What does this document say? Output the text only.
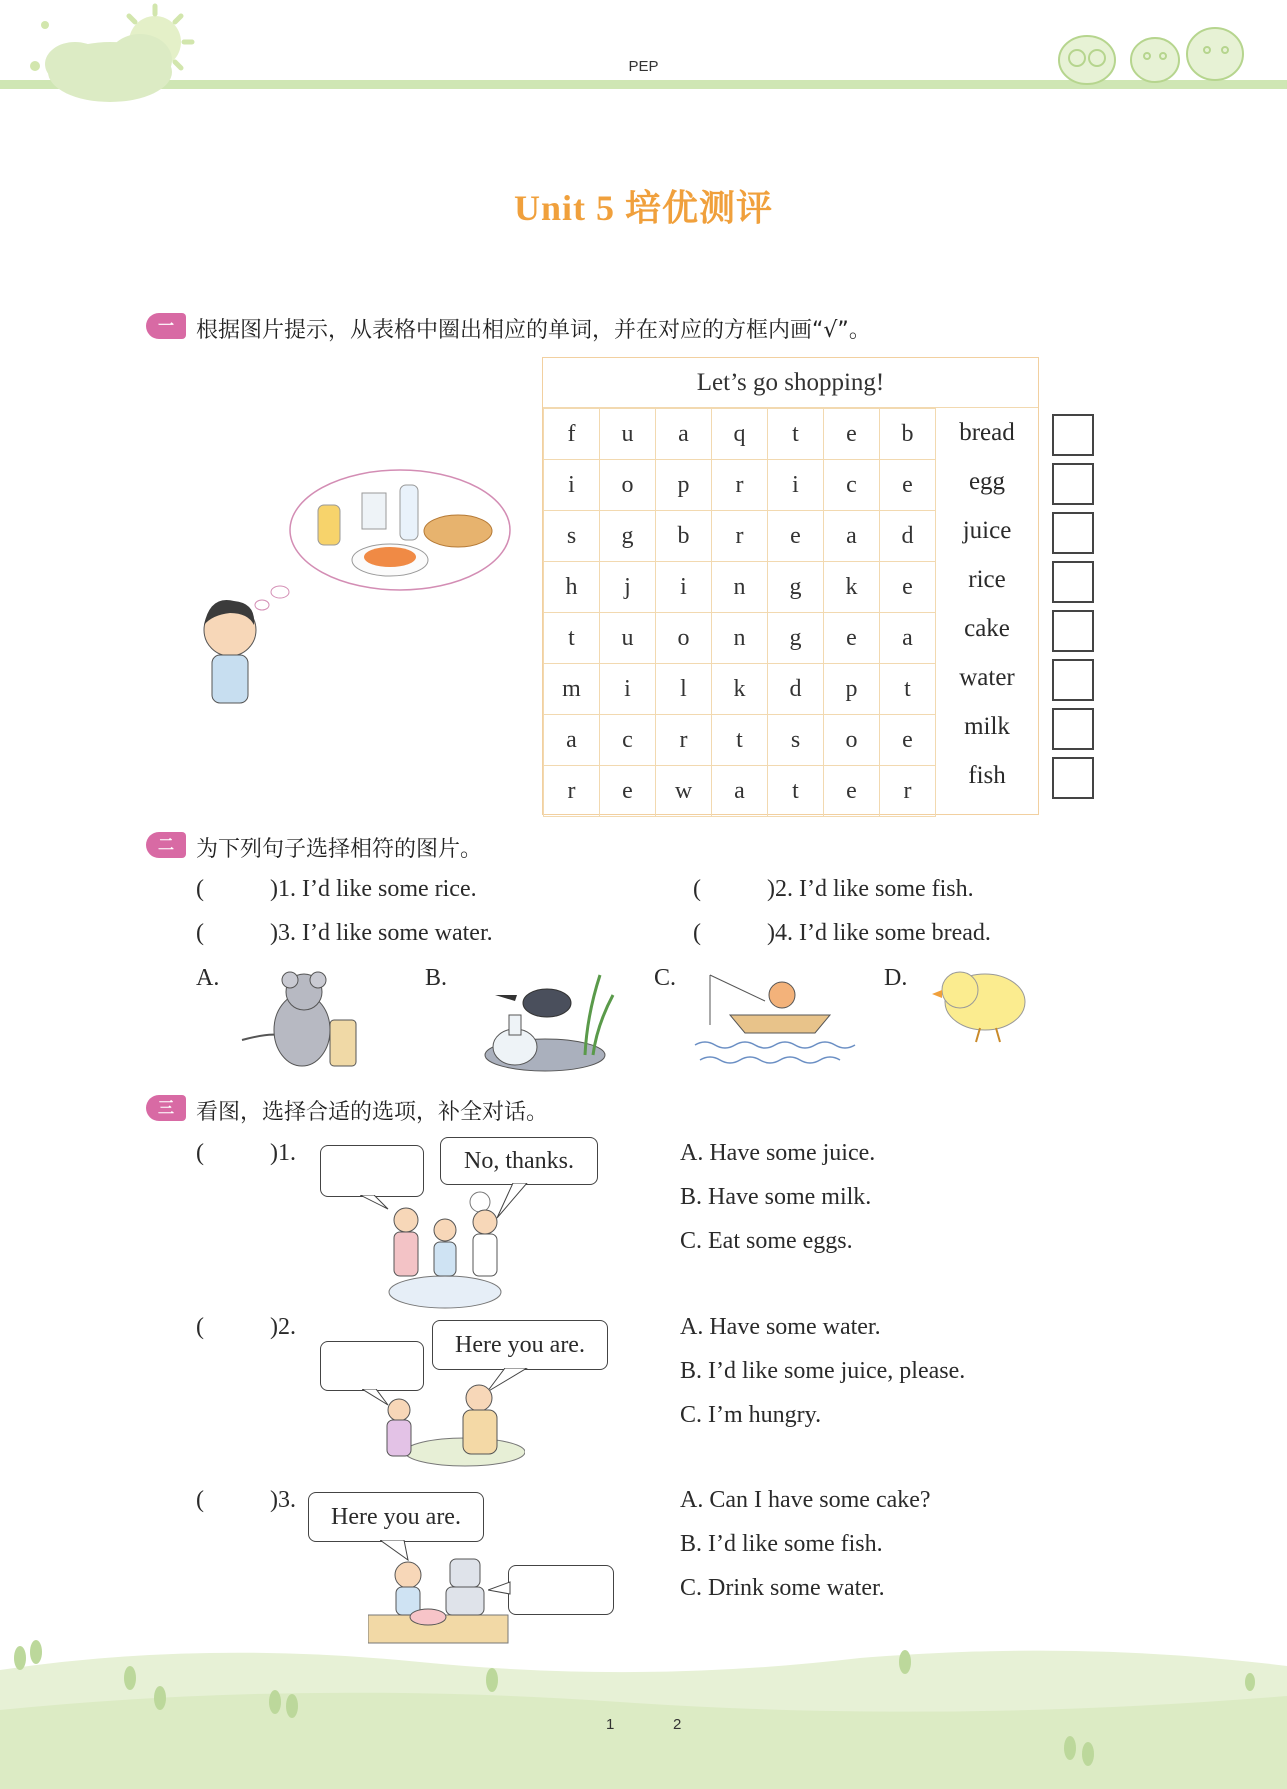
PEP
Unit 5 培优测评
一	根据图片提示，从表格中圈出相应的单词，并在对应的方框内画“√”。
Let’s go shopping!
f	u	a	q	t	e	b
i	o	p	r	i	c	e
s	g	b	r	e	a	d
h	j	i	n	g	k	e
t	u	o	n	g	e	a
m	i	l	k	d	p	t
a	c	r	t	s	o	e
r	e	w	a	t	e	r
bread
egg
juice
rice
cake
water
milk
fish
二	为下列句子选择相符的图片。
(	)1. I’d like some rice.	(	)2. I’d like some fish.
(	)3. I’d like some water.	(	)4. I’d like some bread.
A.	B.	C.	D.
三	看图，选择合适的选项，补全对话。
(	)1.	No, thanks.	A. Have some juice.
B. Have some milk.
C. Eat some eggs.
(	)2.
Here you are.
A. Have some water.
B. I’d like some juice, please.
C. I’m hungry.
(	)3.
Here you are.
A. Can I have some cake?
B. I’d like some fish.
C. Drink some water.
1	2
